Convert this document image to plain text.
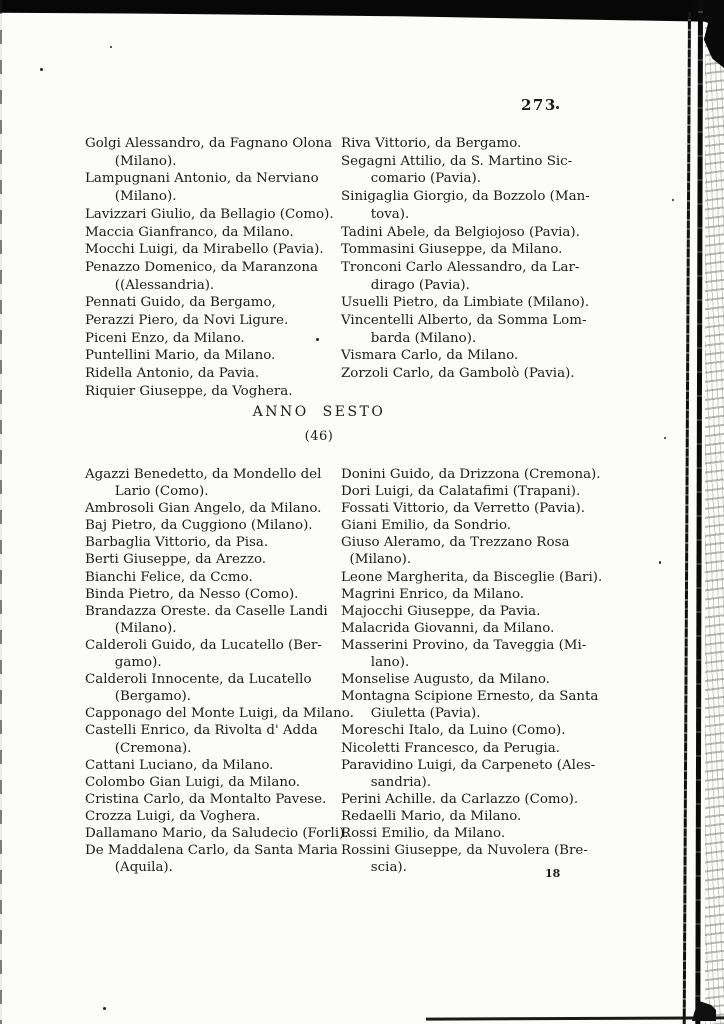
273
Golgi Alessandro, da Fagnano Olona
(Milano).
Lampugnani Antonio, da Nerviano
(Milano).
Lavizzari Giulio, da Bellagio (Como).
Maccia Gianfranco, da Milano.
Mocchi Luigi, da Mirabello (Pavia).
Penazzo Domenico, da Maranzona
((Alessandria).
Pennati Guido, da Bergamo,
Perazzi Piero, da Novi Ligure.
Piceni Enzo, da Milano.
Puntellini Mario, da Milano.
Ridella Antonio, da Pavia.
Riquier Giuseppe, da Voghera.
Riva Vittorio, da Bergamo.
Segagni Attilio, da S. Martino Sic-
comario (Pavia).
Sinigaglia Giorgio, da Bozzolo (Man-
tova).
Tadini Abele, da Belgiojoso (Pavia).
Tommasini Giuseppe, da Milano.
Tronconi Carlo Alessandro, da Lar-
dirago (Pavia).
Usuelli Pietro, da Limbiate (Milano).
Vincentelli Alberto, da Somma Lom-
barda (Milano).
Vismara Carlo, da Milano.
Zorzoli Carlo, da Gambolò (Pavia).
ANNO SESTO
(46)
Agazzi Benedetto, da Mondello del
Lario (Como).
Ambrosoli Gian Angelo, da Milano.
Baj Pietro, da Cuggiono (Milano).
Barbaglia Vittorio, da Pisa.
Berti Giuseppe, da Arezzo.
Bianchi Felice, da Ccmo.
Binda Pietro, da Nesso (Como).
Brandazza Oreste. da Caselle Landi
(Milano).
Calderoli Guido, da Lucatello (Ber-
gamo).
Calderoli Innocente, da Lucatello
(Bergamo).
Capponago del Monte Luigi, da Milano.
Castelli Enrico, da Rivolta d' Adda
(Cremona).
Cattani Luciano, da Milano.
Colombo Gian Luigi, da Milano.
Cristina Carlo, da Montalto Pavese.
Crozza Luigi, da Voghera.
Dallamano Mario, da Saludecio (Forli).
De Maddalena Carlo, da Santa Maria
(Aquila).
Donini Guido, da Drizzona (Cremona).
Dori Luigi, da Calatafimi (Trapani).
Fossati Vittorio, da Verretto (Pavia).
Giani Emilio, da Sondrio.
Giuso Aleramo, da Trezzano Rosa
(Milano).
Leone Margherita, da Bisceglie (Bari).
Magrini Enrico, da Milano.
Majocchi Giuseppe, da Pavia.
Malacrida Giovanni, da Milano.
Masserini Provino, da Taveggia (Mi-
lano).
Monselise Augusto, da Milano.
Montagna Scipione Ernesto, da Santa
Giuletta (Pavia).
Moreschi Italo, da Luino (Como).
Nicoletti Francesco, da Perugia.
Paravidino Luigi, da Carpeneto (Ales-
sandria).
Perini Achille. da Carlazzo (Como).
Redaelli Mario, da Milano.
Rossi Emilio, da Milano.
Rossini Giuseppe, da Nuvolera (Bre-
scia).	18
